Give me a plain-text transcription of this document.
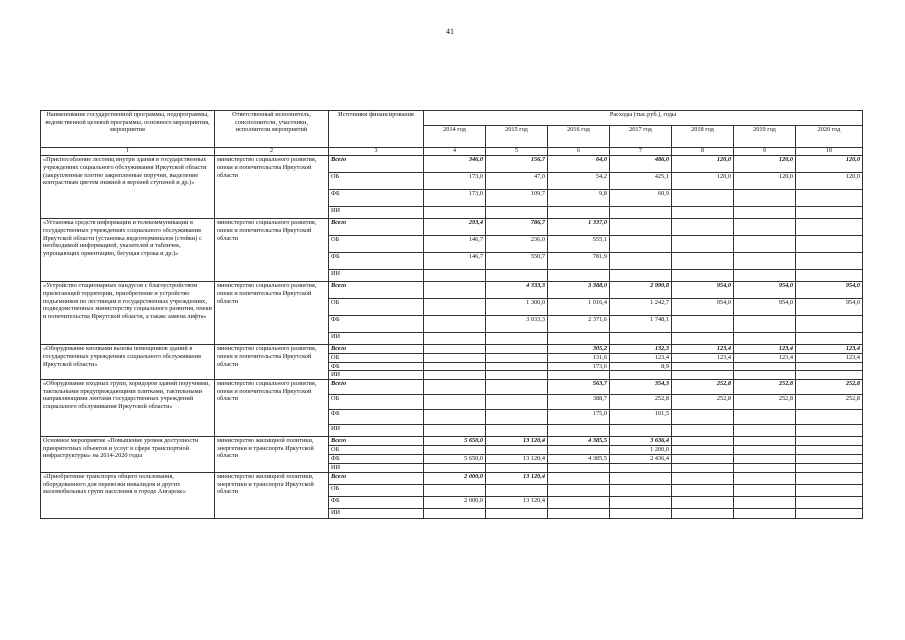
41
Наименование государственной программы, подпрограммы, ведомственной целевой программы, основного мероприятия, мероприятия	Ответственный исполнитель, соисполнители, участники, исполнители мероприятий	Источники финансирования	Расходы (тыс.руб.), годы						
			2014 год	2015 год	2016 год	2017 год	2018 год	2019 год	2020 год
1	2	3	4	5	6	7	8	9	10
«Приспособление лестниц внутри здания в государственных учреждениях социального обслуживания Иркутской области (закрупленные плотно закрепленные поручни, выделение контрастным цветом нижней и верхней ступеней и др.)»	министерство социального развития, опеки и попечительства Иркутской области	Всего	346,0	156,7	64,0	486,0	120,0	120,0	120,0
		ОБ	173,0	47,0	54,2	425,1	120,0	120,0	120,0
		ФБ	173,0	109,7	9,8	60,9			
		ИИ							
«Установка средств информации и телекоммуникации в государственных учреждениях социального обслуживания Иркутской области (установка видеотерминалов (стойки) с необходимой информацией, указателей и табличек, упрощающих ориентацию, бегущая строка и др.)»	министерство социального развития, опеки и попечительства Иркутской области	Всего	293,4	786,7	1 337,0				
		ОБ	146,7	236,0	555,1				
		ФБ	146,7	550,7	781,9				
		ИИ							
«Устройство стационарных пандусов с благоустройством прилегающей территории, приобретение и устройство подъемников по лестницам в государственных учреждениях, подведомственных министерству социального развития, опеки и попечительства Иркутской области, а также замена лифта»	министерство социального развития, опеки и попечительства Иркутской области	Всего		4 333,3	3 388,0	2 990,8	954,0	954,0	954,0
		ОБ		1 300,0	1 016,4	1 242,7	954,0	954,0	954,0
		ФБ		3 033,3	2 371,6	1 748,1			
		ИИ							
«Оборудование кнопками вызова помощников зданий в государственных учреждениях социального обслуживания Иркутской области»	министерство социального развития, опеки и попечительства Иркутской области	Всего			305,2	132,3	123,4	123,4	123,4
		ОБ			131,6	123,4	123,4	123,4	123,4
		ФБ			173,6	8,9			
		ИИ							
«Оборудование входных групп, коридоров зданий поручнями, тактильными предупреждающими плитками, тактильными направляющими лентами государственных учреждений социального обслуживания Иркутской области»	министерство социального развития, опеки и попечительства Иркутской области	Всего			563,7	354,3	252,8	252,8	252,8
		ОБ			388,7	252,8	252,8	252,8	252,8
		ФБ			175,0	101,5			
		ИИ							
Основное мероприятие «Повышение уровня доступности приоритетных объектов и услуг в сфере транспортной инфраструктуры» на 2014-2020 годы	министерство жилищной политики, энергетики и транспорта Иркутской области	Всего	5 650,0	13 120,4	4 385,5	3 636,4			
		ОБ				1 200,0			
		ФБ	5 650,0	13 120,4	4 385,5	2 436,4			
		ИИ							
«Приобретение транспорта общего пользования, оборудованного для перевозки инвалидов и других маломобильных групп населения в городе Ангарске»	министерство жилищной политики, энергетики и транспорта Иркутской области	Всего	2 000,0	13 120,4					
		ОБ							
		ФБ	2 000,0	13 120,4					
		ИИ							
